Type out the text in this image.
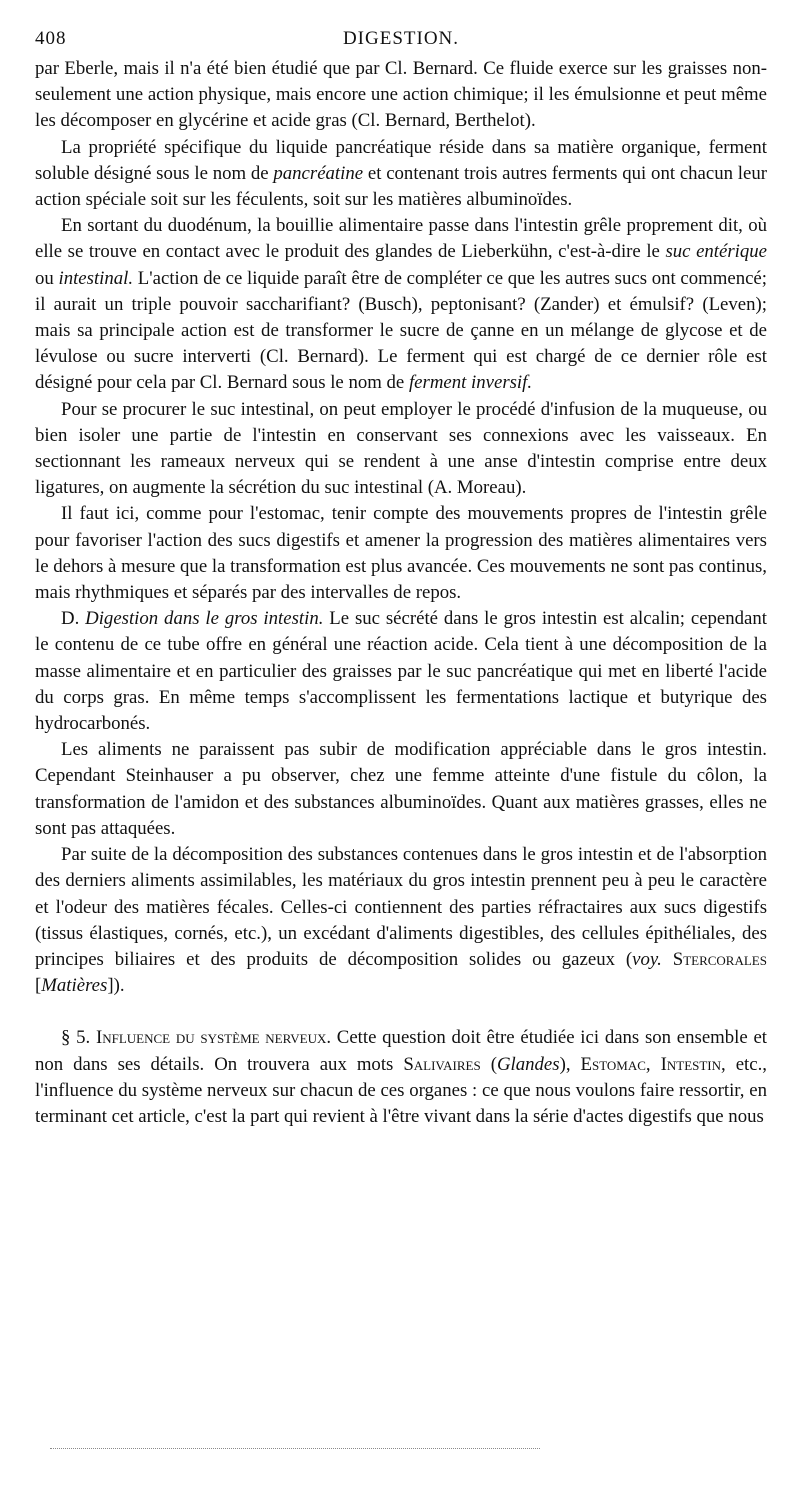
408	DIGESTION.

par Eberle, mais il n'a été bien étudié que par Cl. Bernard. Ce fluide exerce sur les graisses non-seulement une action physique, mais encore une action chimique; il les émulsionne et peut même les décomposer en glycérine et acide gras (Cl. Bernard, Berthelot).

La propriété spécifique du liquide pancréatique réside dans sa matière organique, ferment soluble désigné sous le nom de pancréatine et contenant trois autres ferments qui ont chacun leur action spéciale soit sur les féculents, soit sur les matières albuminoïdes.

En sortant du duodénum, la bouillie alimentaire passe dans l'intestin grêle proprement dit, où elle se trouve en contact avec le produit des glandes de Lieberkühn, c'est-à-dire le suc entérique ou intestinal. L'action de ce liquide paraît être de compléter ce que les autres sucs ont commencé; il aurait un triple pouvoir saccharifiant? (Busch), peptonisant? (Zander) et émulsif? (Leven); mais sa principale action est de transformer le sucre de çanne en un mélange de glycose et de lévulose ou sucre interverti (Cl. Bernard). Le ferment qui est chargé de ce dernier rôle est désigné pour cela par Cl. Bernard sous le nom de ferment inversif.

Pour se procurer le suc intestinal, on peut employer le procédé d'infusion de la muqueuse, ou bien isoler une partie de l'intestin en conservant ses connexions avec les vaisseaux. En sectionnant les rameaux nerveux qui se rendent à une anse d'intestin comprise entre deux ligatures, on augmente la sécrétion du suc intestinal (A. Moreau).

Il faut ici, comme pour l'estomac, tenir compte des mouvements propres de l'intestin grêle pour favoriser l'action des sucs digestifs et amener la progression des matières alimentaires vers le dehors à mesure que la transformation est plus avancée. Ces mouvements ne sont pas continus, mais rhythmiques et séparés par des intervalles de repos.

D. Digestion dans le gros intestin. Le suc sécrété dans le gros intestin est alcalin; cependant le contenu de ce tube offre en général une réaction acide. Cela tient à une décomposition de la masse alimentaire et en particulier des graisses par le suc pancréatique qui met en liberté l'acide du corps gras. En même temps s'accomplissent les fermentations lactique et butyrique des hydrocarbonés.

Les aliments ne paraissent pas subir de modification appréciable dans le gros intestin. Cependant Steinhauser a pu observer, chez une femme atteinte d'une fistule du côlon, la transformation de l'amidon et des substances albuminoïdes. Quant aux matières grasses, elles ne sont pas attaquées.

Par suite de la décomposition des substances contenues dans le gros intestin et de l'absorption des derniers aliments assimilables, les matériaux du gros intestin prennent peu à peu le caractère et l'odeur des matières fécales. Celles-ci contiennent des parties réfractaires aux sucs digestifs (tissus élastiques, cornés, etc.), un excédant d'aliments digestibles, des cellules épithéliales, des principes biliaires et des produits de décomposition solides ou gazeux (voy. Stercorales [Matières]).

§ 5. Influence du système nerveux. Cette question doit être étudiée ici dans son ensemble et non dans ses détails. On trouvera aux mots Salivaires (Glandes), Estomac, Intestin, etc., l'influence du système nerveux sur chacun de ces organes : ce que nous voulons faire ressortir, en terminant cet article, c'est la part qui revient à l'être vivant dans la série d'actes digestifs que nous
